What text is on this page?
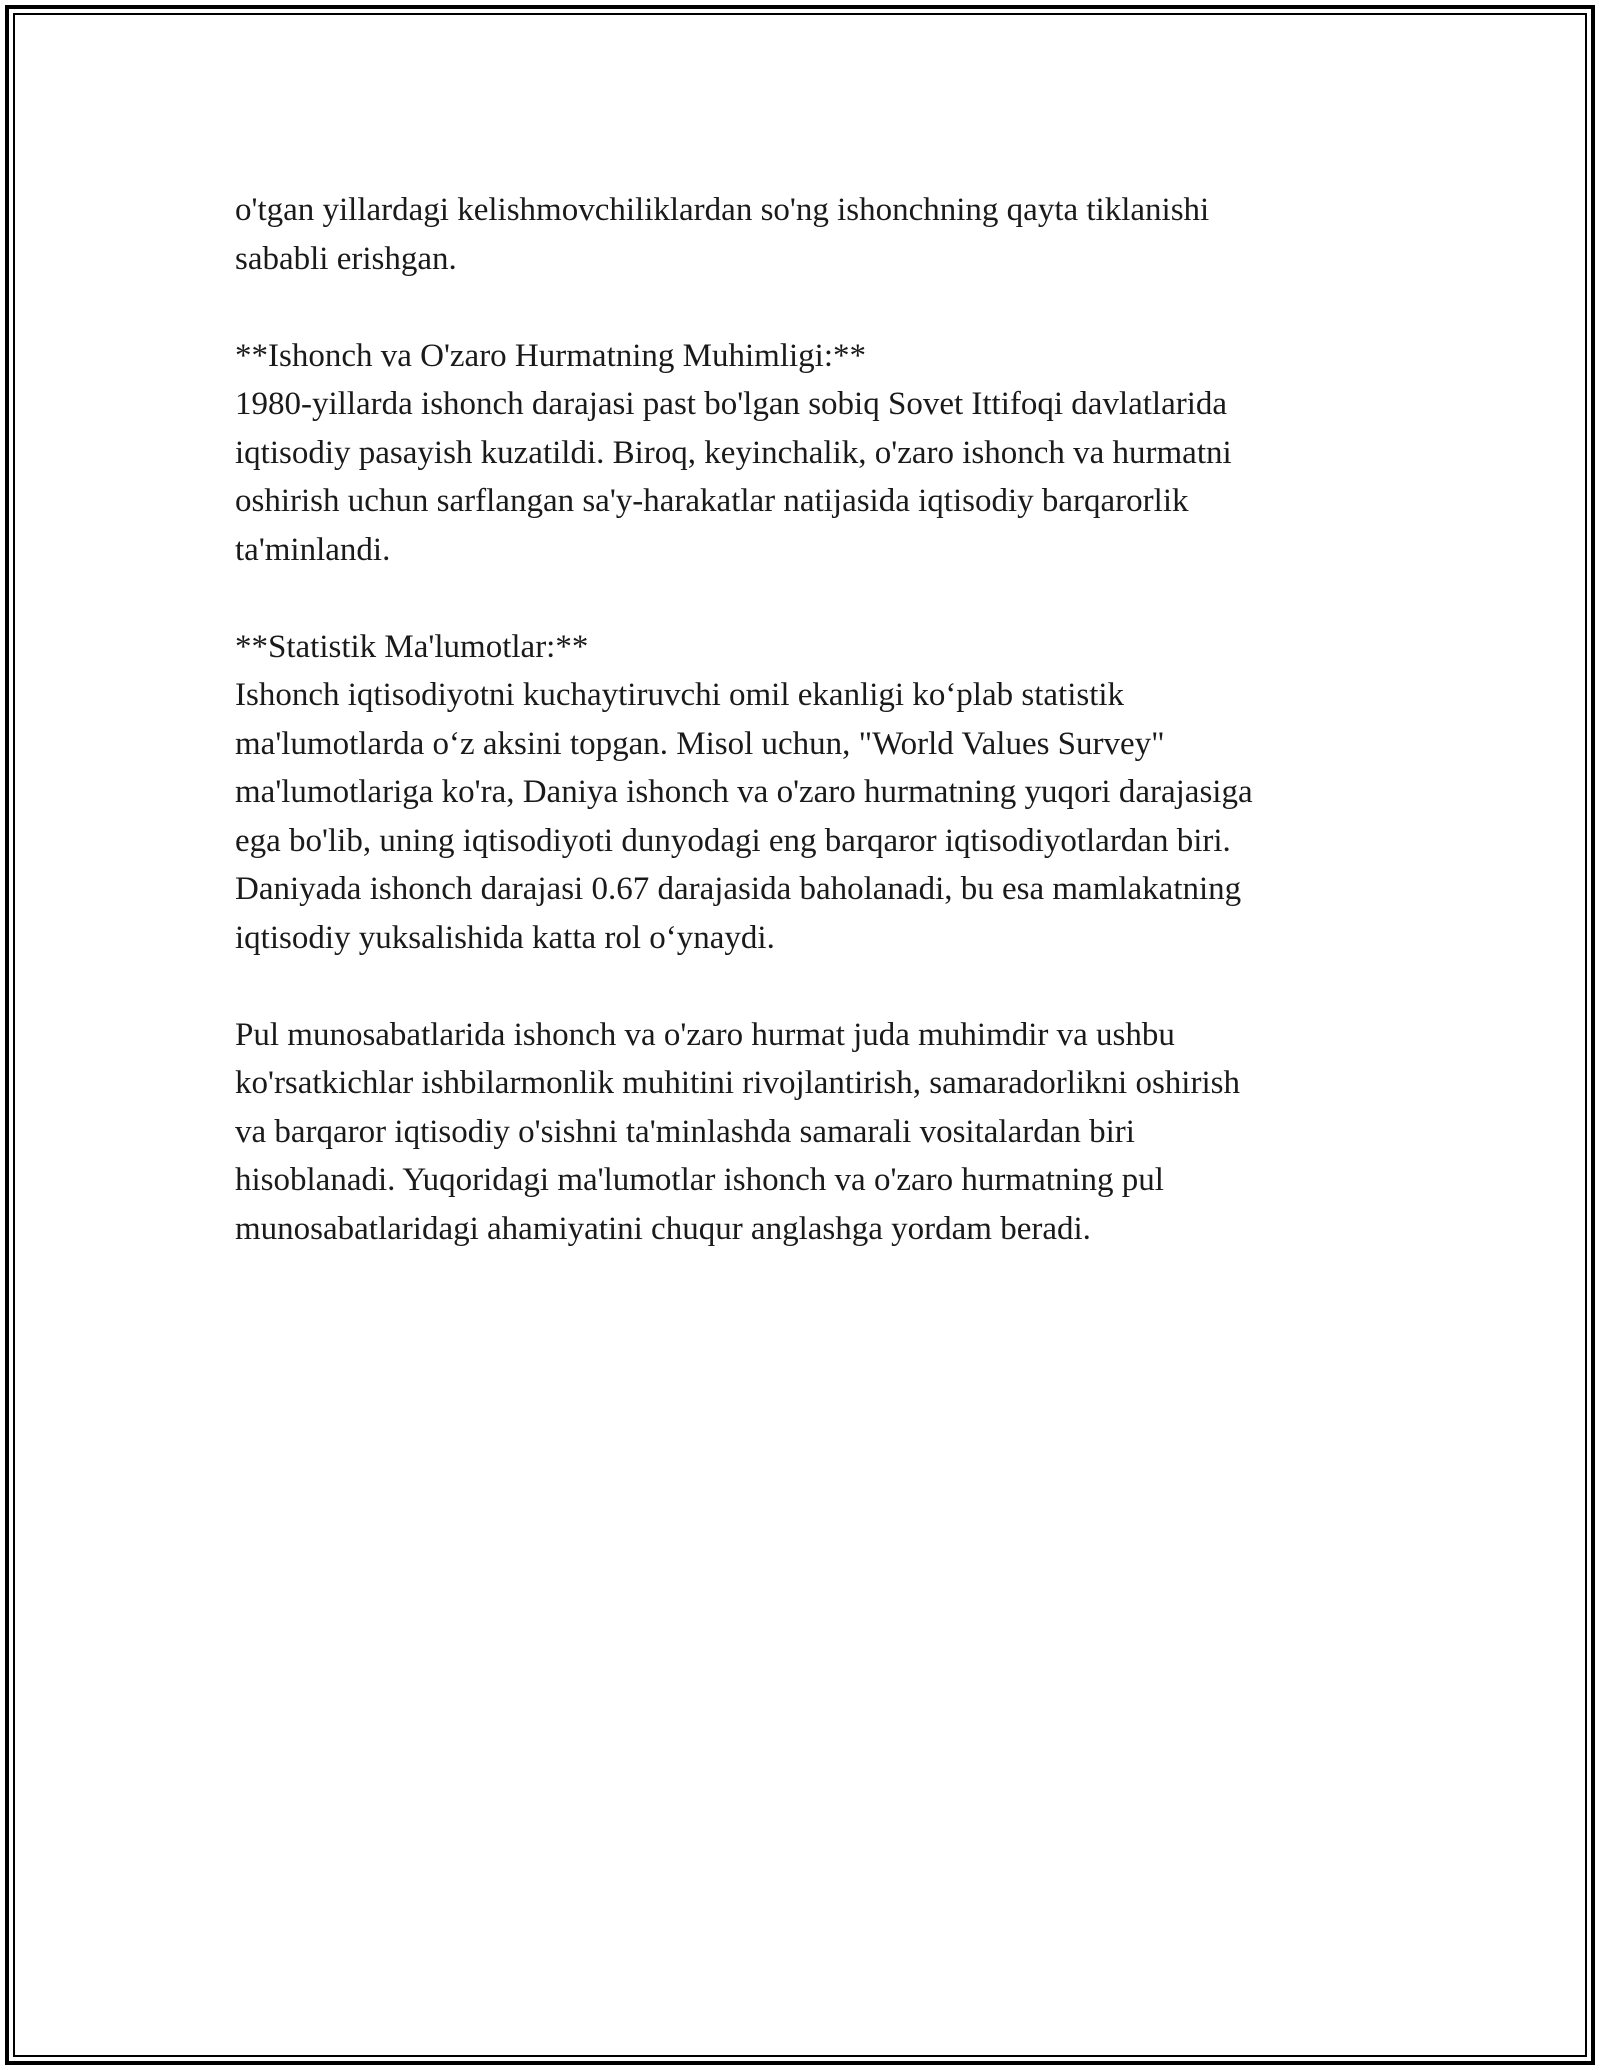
o'tgan yillardagi kelishmovchiliklardan so'ng ishonchning qayta tiklanishi
sababli erishgan.
**Ishonch va O'zaro Hurmatning Muhimligi:**
1980-yillarda ishonch darajasi past bo'lgan sobiq Sovet Ittifoqi davlatlarida
iqtisodiy pasayish kuzatildi. Biroq, keyinchalik, o'zaro ishonch va hurmatni
oshirish uchun sarflangan sa'y-harakatlar natijasida iqtisodiy barqarorlik
ta'minlandi.
**Statistik Ma'lumotlar:**
Ishonch iqtisodiyotni kuchaytiruvchi omil ekanligi ko‘plab statistik
ma'lumotlarda o‘z aksini topgan. Misol uchun, "World Values Survey"
ma'lumotlariga ko'ra, Daniya ishonch va o'zaro hurmatning yuqori darajasiga
ega bo'lib, uning iqtisodiyoti dunyodagi eng barqaror iqtisodiyotlardan biri.
Daniyada ishonch darajasi 0.67 darajasida baholanadi, bu esa mamlakatning
iqtisodiy yuksalishida katta rol o‘ynaydi.
Pul munosabatlarida ishonch va o'zaro hurmat juda muhimdir va ushbu
ko'rsatkichlar ishbilarmonlik muhitini rivojlantirish, samaradorlikni oshirish
va barqaror iqtisodiy o'sishni ta'minlashda samarali vositalardan biri
hisoblanadi. Yuqoridagi ma'lumotlar ishonch va o'zaro hurmatning pul
munosabatlaridagi ahamiyatini chuqur anglashga yordam beradi.
